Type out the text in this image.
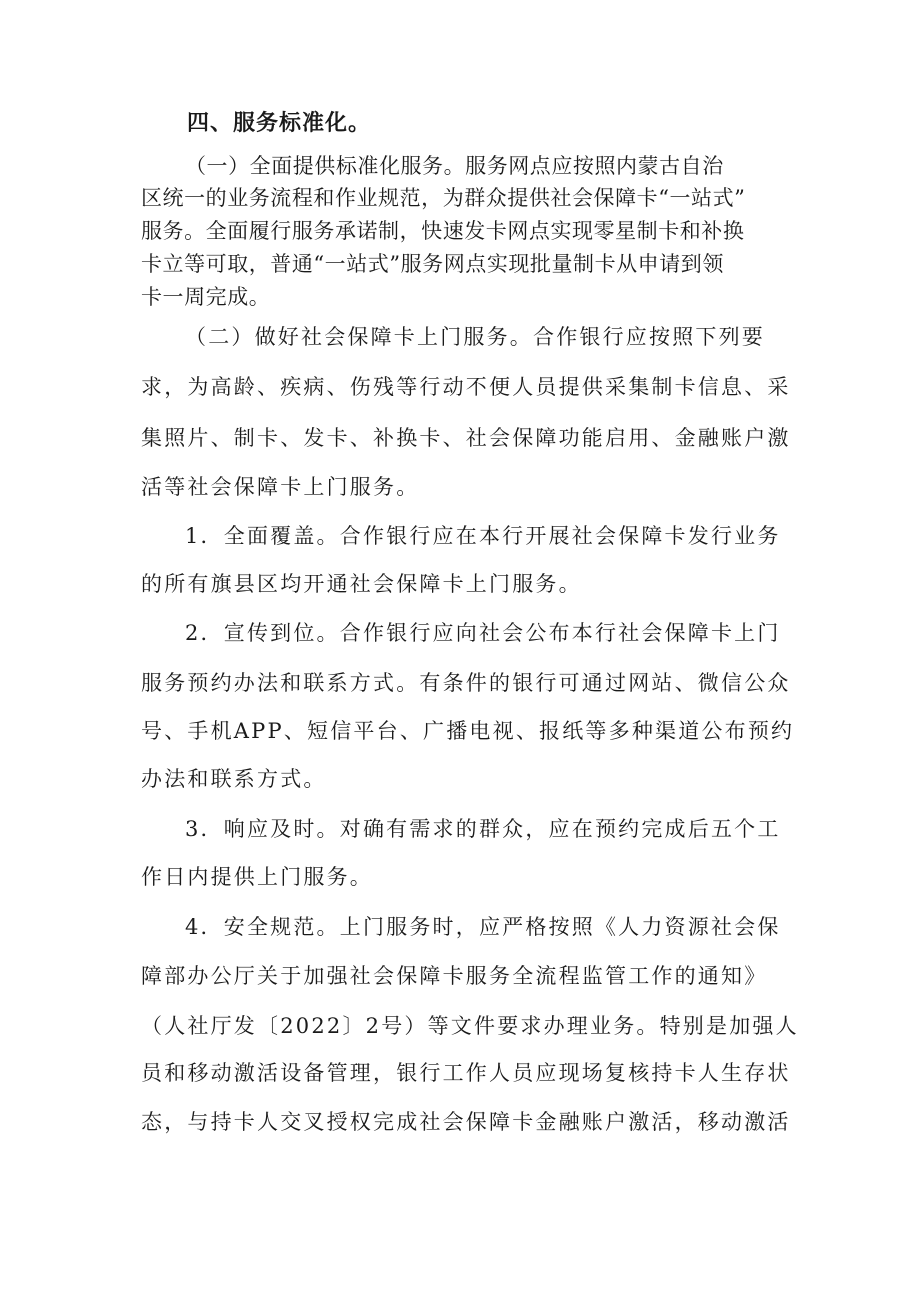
四、服务标准化。

（一）全面提供标准化服务。服务网点应按照内蒙古自治

区统一的业务流程和作业规范，为群众提供社会保障卡“一站式”

服务。全面履行服务承诺制，快速发卡网点实现零星制卡和补换

卡立等可取，普通“一站式”服务网点实现批量制卡从申请到领

卡一周完成。

（二）做好社会保障卡上门服务。合作银行应按照下列要

求，为高龄、疾病、伤残等行动不便人员提供采集制卡信息、采

集照片、制卡、发卡、补换卡、社会保障功能启用、金融账户激

活等社会保障卡上门服务。

1．全面覆盖。合作银行应在本行开展社会保障卡发行业务

的所有旗县区均开通社会保障卡上门服务。

2．宣传到位。合作银行应向社会公布本行社会保障卡上门

服务预约办法和联系方式。有条件的银行可通过网站、微信公众

号、手机APP、短信平台、广播电视、报纸等多种渠道公布预约

办法和联系方式。

3．响应及时。对确有需求的群众，应在预约完成后五个工

作日内提供上门服务。

4．安全规范。上门服务时，应严格按照《人力资源社会保

障部办公厅关于加强社会保障卡服务全流程监管工作的通知》

（人社厅发〔2022〕2号）等文件要求办理业务。特别是加强人

员和移动激活设备管理，银行工作人员应现场复核持卡人生存状

态，与持卡人交叉授权完成社会保障卡金融账户激活，移动激活
